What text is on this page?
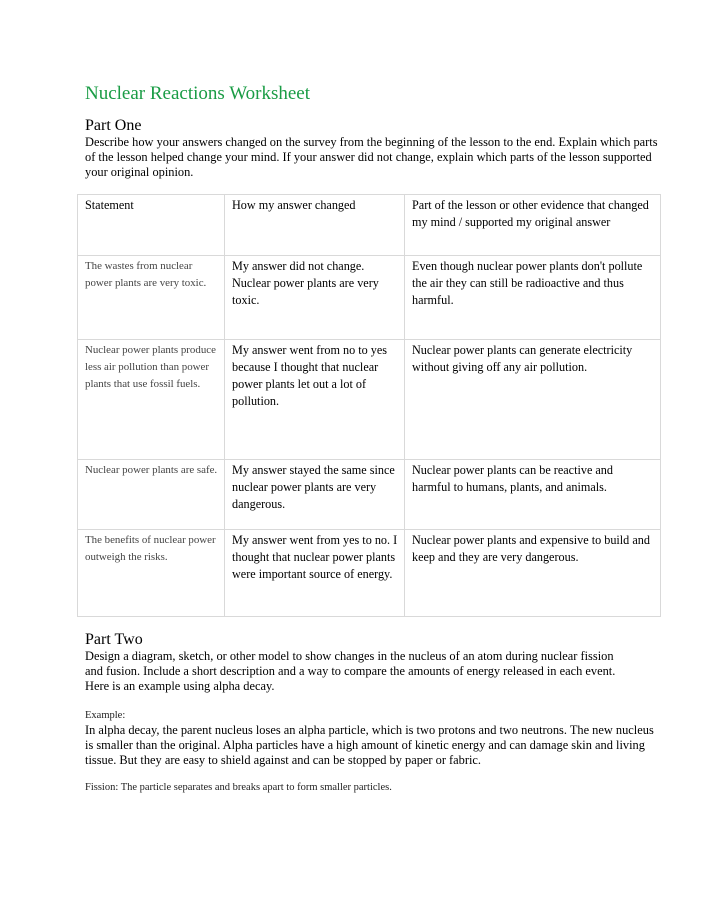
Nuclear Reactions Worksheet
Part One
Describe how your answers changed on the survey from the beginning of the lesson to the end. Explain which parts of the lesson helped change your mind. If your answer did not change, explain which parts of the lesson supported your original opinion.
Statement	How my answer changed	Part of the lesson or other evidence that changed my mind / supported my original answer
The wastes from nuclear power plants are very toxic.	My answer did not change. Nuclear power plants are very toxic.	Even though nuclear power plants don't pollute the air they can still be radioactive and thus harmful.
Nuclear power plants produce less air pollution than power plants that use fossil fuels.	My answer went from no to yes because I thought that nuclear power plants let out a lot of pollution.	Nuclear power plants can generate electricity without giving off any air pollution.
Nuclear power plants are safe.	My answer stayed the same since nuclear power plants are very dangerous.	Nuclear power plants can be reactive and harmful to humans, plants, and animals.
The benefits of nuclear power outweigh the risks.	My answer went from yes to no. I thought that nuclear power plants were important source of energy.	Nuclear power plants and expensive to build and keep and they are very dangerous.
Part Two
Design a diagram, sketch, or other model to show changes in the nucleus of an atom during nuclear fission and fusion. Include a short description and a way to compare the amounts of energy released in each event. Here is an example using alpha decay.
Example:
In alpha decay, the parent nucleus loses an alpha particle, which is two protons and two neutrons. The new nucleus is smaller than the original. Alpha particles have a high amount of kinetic energy and can damage skin and living tissue. But they are easy to shield against and can be stopped by paper or fabric.
Fission: The particle separates and breaks apart to form smaller particles.
